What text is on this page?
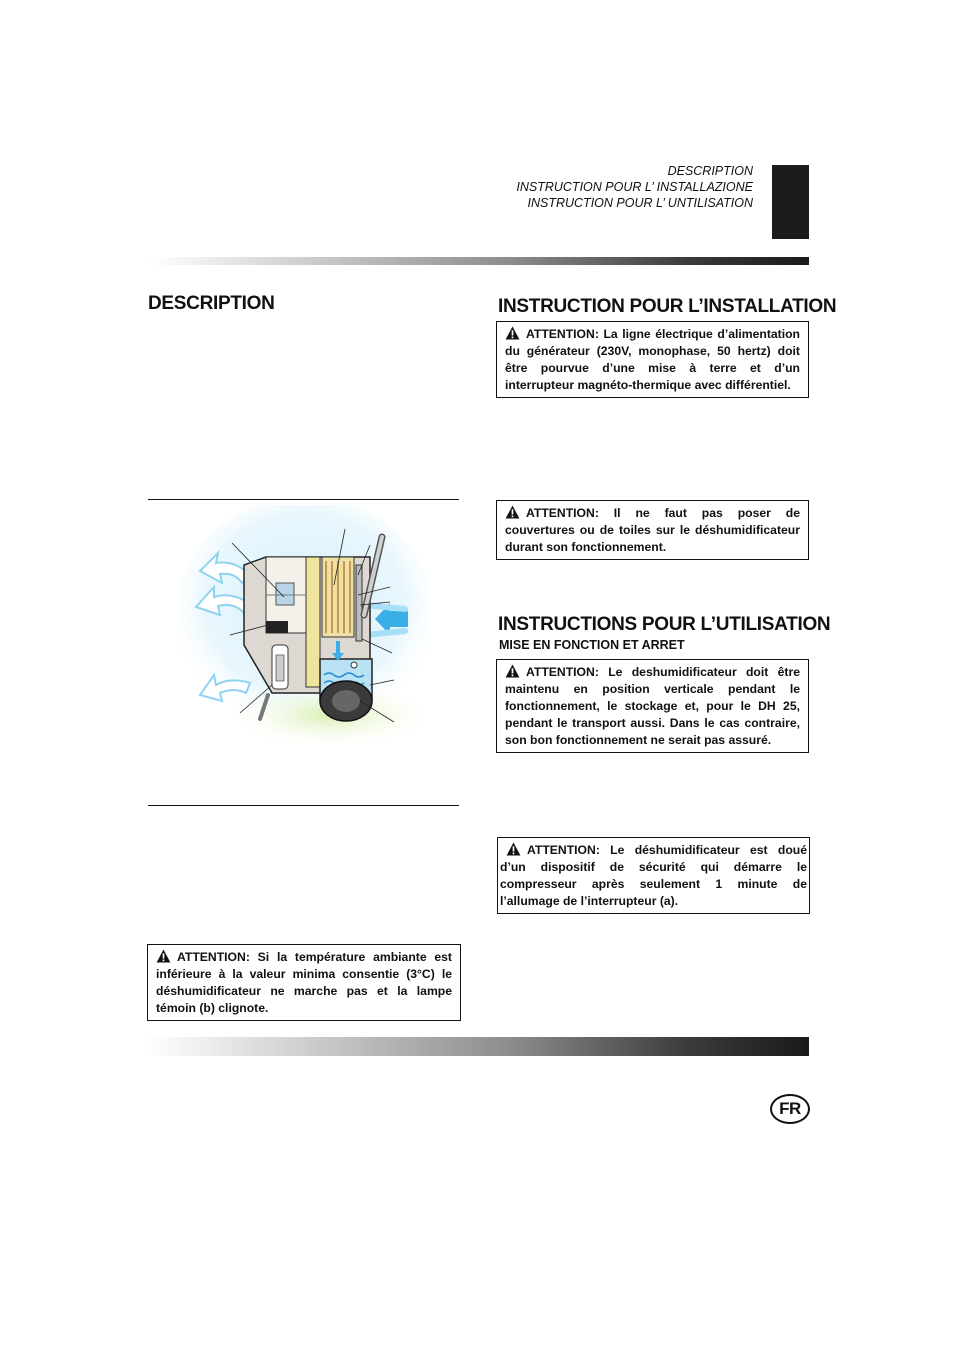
DESCRIPTION
INSTRUCTION POUR L’ INSTALLAZIONE
INSTRUCTION POUR L’ UNTILISATION
DESCRIPTION
ATTENTION: Si la température ambiante est inférieure à la valeur minima consentie (3°C) le déshumidificateur ne marche pas et la lampe témoin (b) clignote.
INSTRUCTION POUR L’INSTALLATION
ATTENTION: La ligne électrique d’alimentation du générateur (230V, monophase, 50 hertz) doit être pourvue d’une mise à terre et d’un interrupteur magnéto-thermique avec différentiel.
ATTENTION: Il ne faut pas poser de couvertures ou de toiles sur le déshumidificateur durant son fonctionnement.
INSTRUCTIONS POUR L’UTILISATION
MISE EN FONCTION ET ARRET
ATTENTION: Le deshumidificateur doit être maintenu en position verticale pendant le fonctionnement, le stockage et, pour le DH 25, pendant le transport aussi. Dans le cas contraire, son bon fonctionnement ne serait pas assuré.
ATTENTION: Le déshumidificateur est doué d’un dispositif de sécurité qui démarre le compresseur après seulement 1 minute de l’allumage de l’interrupteur (a).
FR
